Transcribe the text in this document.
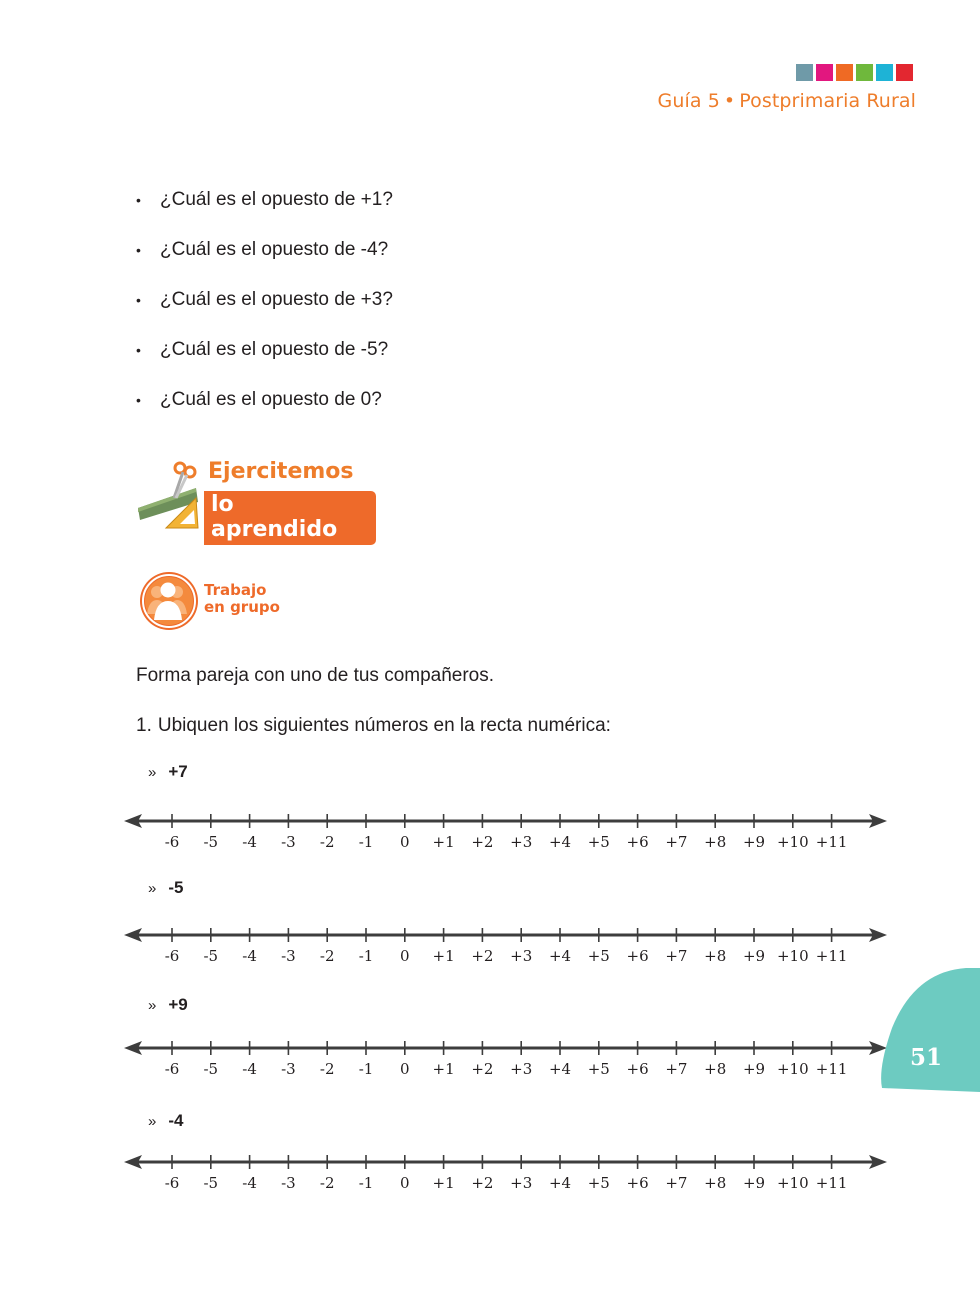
Guía 5 • Postprimaria Rural
• ¿Cuál es el opuesto de +1?
• ¿Cuál es el opuesto de -4?
• ¿Cuál es el opuesto de +3?
• ¿Cuál es el opuesto de -5?
• ¿Cuál es el opuesto de 0?
Ejercitemos
lo aprendido
Trabajo
en grupo
Forma pareja con uno de tus compañeros.
1. Ubiquen los siguientes números en la recta numérica:
» +7
-6 -5 -4 -3 -2 -1 0 +1 +2 +3 +4 +5 +6 +7 +8 +9 +10 +11
» -5
-6 -5 -4 -3 -2 -1 0 +1 +2 +3 +4 +5 +6 +7 +8 +9 +10 +11
» +9
-6 -5 -4 -3 -2 -1 0 +1 +2 +3 +4 +5 +6 +7 +8 +9 +10 +11
» -4
-6 -5 -4 -3 -2 -1 0 +1 +2 +3 +4 +5 +6 +7 +8 +9 +10 +11
51
